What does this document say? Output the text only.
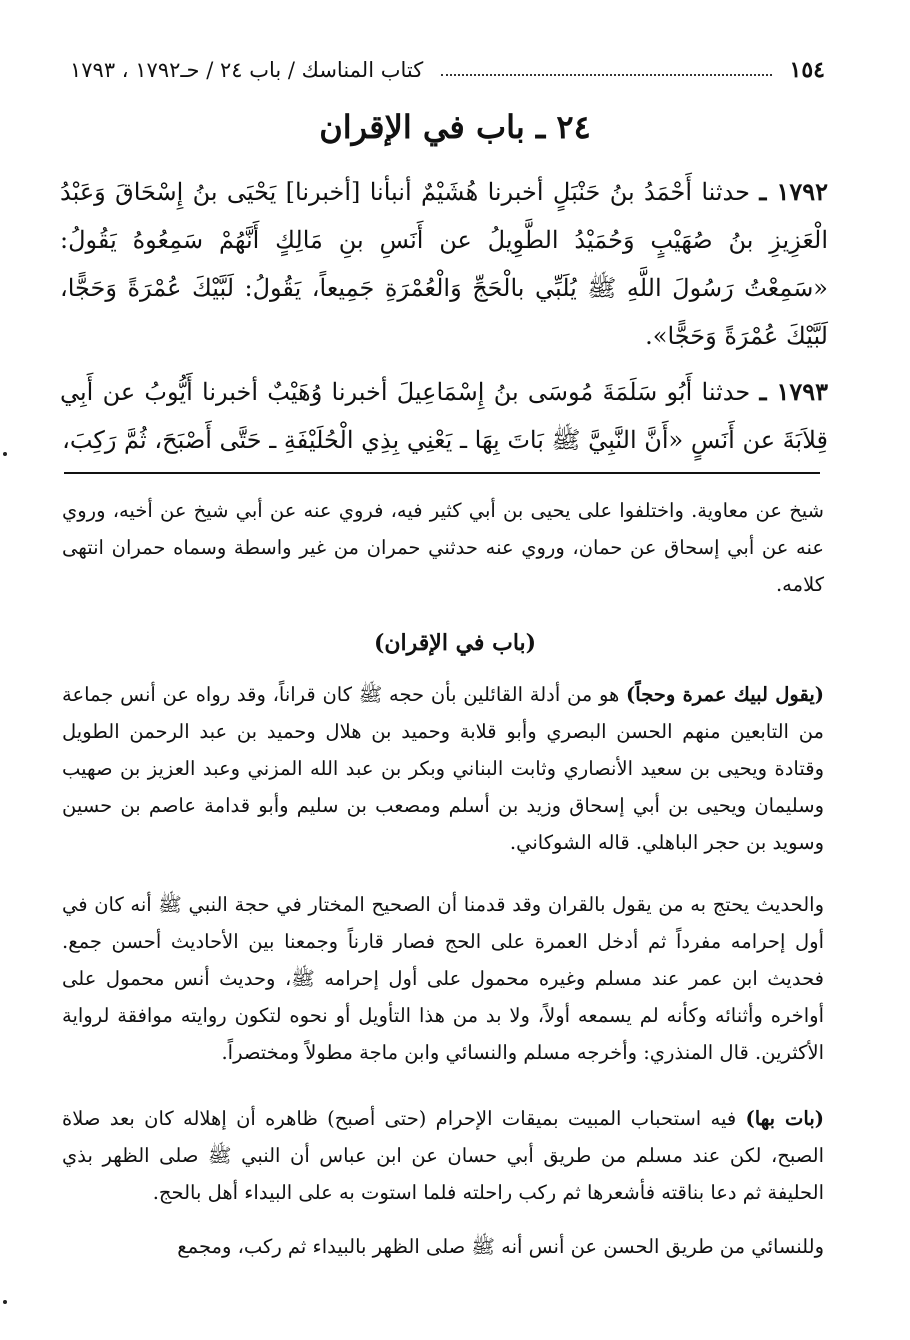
كتاب المناسك / باب ٢٤ / حـ١٧٩٢ ، ١٧٩٣	١٥٤
٢٤ ـ باب في الإقران
١٧٩٢ ـ حدثنا أَحْمَدُ بنُ حَنْبَلٍ أخبرنا هُشَيْمٌ أنبأنا [أخبرنا] يَحْيَى بنُ إِسْحَاقَ وَعَبْدُ الْعَزِيزِ بنُ صُهَيْبٍ وَحُمَيْدُ الطَّوِيلُ عن أَنَسِ بنِ مَالِكٍ أَنَّهُمْ سَمِعُوهُ يَقُولُ: «سَمِعْتُ رَسُولَ اللَّهِ ﷺ يُلَبِّي بالْحَجِّ وَالْعُمْرَةِ جَمِيعاً، يَقُولُ: لَبَّيْكَ عُمْرَةً وَحَجًّا، لَبَّيْكَ عُمْرَةً وَحَجًّا».
١٧٩٣ ـ حدثنا أَبُو سَلَمَةَ مُوسَى بنُ إِسْمَاعِيلَ أخبرنا وُهَيْبٌ أخبرنا أَيُّوبُ عن أَبِي قِلاَبَةَ عن أَنَسٍ «أَنَّ النَّبِيَّ ﷺ بَاتَ بِهَا ـ يَعْنِي بِذِي الْحُلَيْفَةِ ـ حَتَّى أَصْبَحَ، ثُمَّ رَكِبَ،
شيخ عن معاوية. واختلفوا على يحيى بن أبي كثير فيه، فروي عنه عن أبي شيخ عن أخيه، وروي عنه عن أبي إسحاق عن حمان، وروي عنه حدثني حمران من غير واسطة وسماه حمران انتهى كلامه.
(باب في الإقران)
(يقول لبيك عمرة وحجاً) هو من أدلة القائلين بأن حجه ﷺ كان قراناً، وقد رواه عن أنس جماعة من التابعين منهم الحسن البصري وأبو قلابة وحميد بن هلال وحميد بن عبد الرحمن الطويل وقتادة ويحيى بن سعيد الأنصاري وثابت البناني وبكر بن عبد الله المزني وعبد العزيز بن صهيب وسليمان ويحيى بن أبي إسحاق وزيد بن أسلم ومصعب بن سليم وأبو قدامة عاصم بن حسين وسويد بن حجر الباهلي. قاله الشوكاني.
والحديث يحتج به من يقول بالقران وقد قدمنا أن الصحيح المختار في حجة النبي ﷺ أنه كان في أول إحرامه مفرداً ثم أدخل العمرة على الحج فصار قارناً وجمعنا بين الأحاديث أحسن جمع. فحديث ابن عمر عند مسلم وغيره محمول على أول إحرامه ﷺ، وحديث أنس محمول على أواخره وأثنائه وكأنه لم يسمعه أولاً، ولا بد من هذا التأويل أو نحوه لتكون روايته موافقة لرواية الأكثرين. قال المنذري: وأخرجه مسلم والنسائي وابن ماجة مطولاً ومختصراً.
(بات بها) فيه استحباب المبيت بميقات الإحرام (حتى أصبح) ظاهره أن إهلاله كان بعد صلاة الصبح، لكن عند مسلم من طريق أبي حسان عن ابن عباس أن النبي ﷺ صلى الظهر بذي الحليفة ثم دعا بناقته فأشعرها ثم ركب راحلته فلما استوت به على البيداء أهل بالحج.
وللنسائي من طريق الحسن عن أنس أنه ﷺ صلى الظهر بالبيداء ثم ركب، ومجمع
